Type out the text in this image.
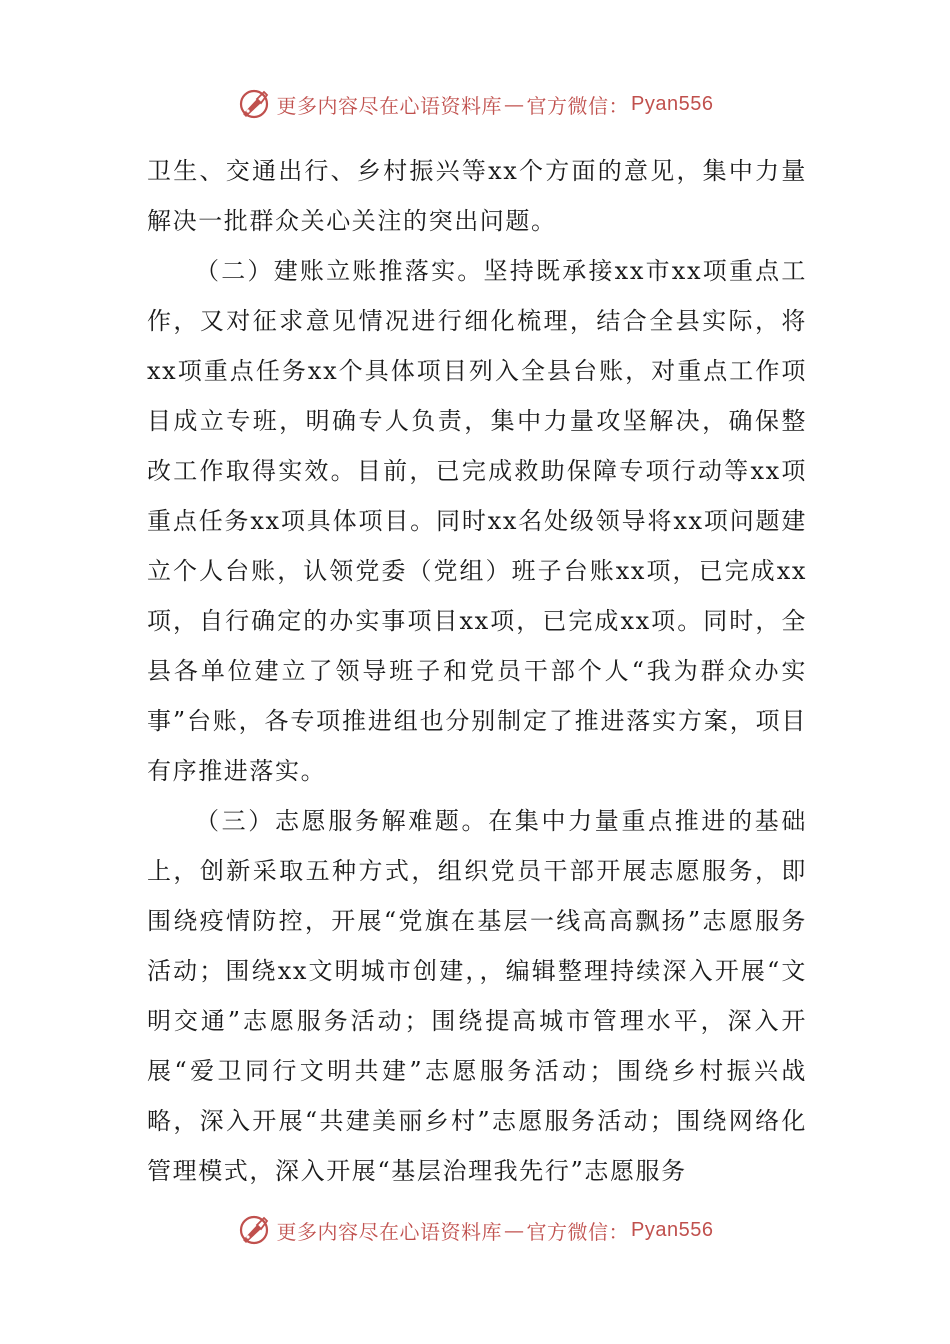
更多内容尽在心语资料库 — 官方微信： Pyan556

卫生、交通出行、乡村振兴等xx个方面的意见，集中力量解决一批群众关心关注的突出问题。

（二）建账立账推落实。坚持既承接xx市xx项重点工作，又对征求意见情况进行细化梳理，结合全县实际，将xx项重点任务xx个具体项目列入全县台账，对重点工作项目成立专班，明确专人负责，集中力量攻坚解决，确保整改工作取得实效。目前，已完成救助保障专项行动等xx项重点任务xx项具体项目。同时xx名处级领导将xx项问题建立个人台账，认领党委（党组）班子台账xx项，已完成xx项，自行确定的办实事项目xx项，已完成xx项。同时，全县各单位建立了领导班子和党员干部个人“我为群众办实事”台账，各专项推进组也分别制定了推进落实方案，项目有序推进落实。

（三）志愿服务解难题。在集中力量重点推进的基础上，创新采取五种方式，组织党员干部开展志愿服务，即围绕疫情防控，开展“党旗在基层一线高高飘扬”志愿服务活动；围绕xx文明城市创建，，编辑整理持续深入开展“文明交通”志愿服务活动；围绕提高城市管理水平，深入开展“爱卫同行文明共建”志愿服务活动；围绕乡村振兴战略，深入开展“共建美丽乡村”志愿服务活动；围绕网络化管理模式，深入开展“基层治理我先行”志愿服务

更多内容尽在心语资料库 — 官方微信： Pyan556
